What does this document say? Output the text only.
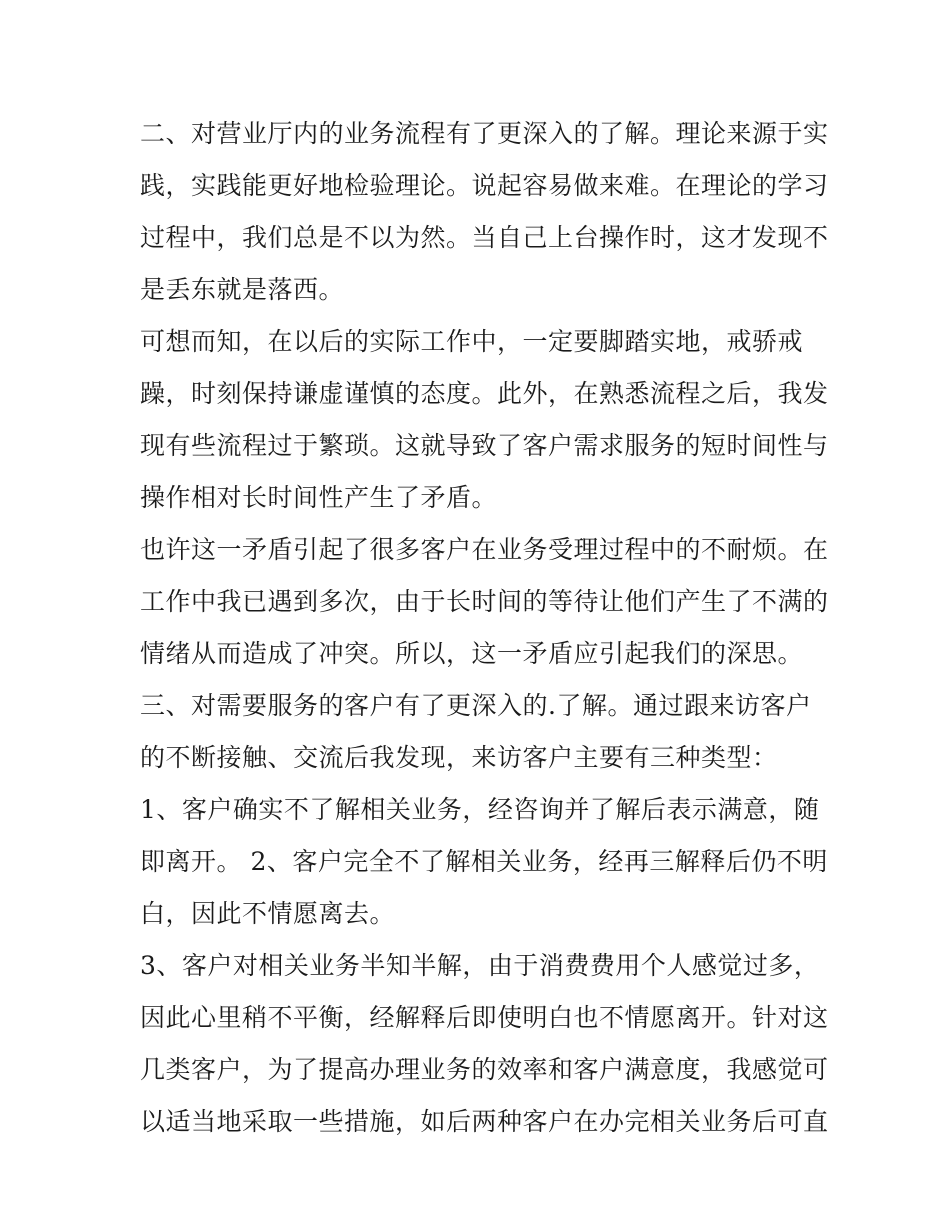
二、对营业厅内的业务流程有了更深入的了解。理论来源于实
践，实践能更好地检验理论。说起容易做来难。在理论的学习
过程中，我们总是不以为然。当自己上台操作时，这才发现不
是丢东就是落西。
可想而知，在以后的实际工作中，一定要脚踏实地，戒骄戒
躁，时刻保持谦虚谨慎的态度。此外，在熟悉流程之后，我发
现有些流程过于繁琐。这就导致了客户需求服务的短时间性与
操作相对长时间性产生了矛盾。
也许这一矛盾引起了很多客户在业务受理过程中的不耐烦。在
工作中我已遇到多次，由于长时间的等待让他们产生了不满的
情绪从而造成了冲突。所以，这一矛盾应引起我们的深思。
三、对需要服务的客户有了更深入的.了解。通过跟来访客户
的不断接触、交流后我发现，来访客户主要有三种类型：
1、客户确实不了解相关业务，经咨询并了解后表示满意，随
即离开。 2、客户完全不了解相关业务，经再三解释后仍不明
白，因此不情愿离去。
3、客户对相关业务半知半解，由于消费费用个人感觉过多，
因此心里稍不平衡，经解释后即使明白也不情愿离开。针对这
几类客户，为了提高办理业务的效率和客户满意度，我感觉可
以适当地采取一些措施，如后两种客户在办完相关业务后可直
